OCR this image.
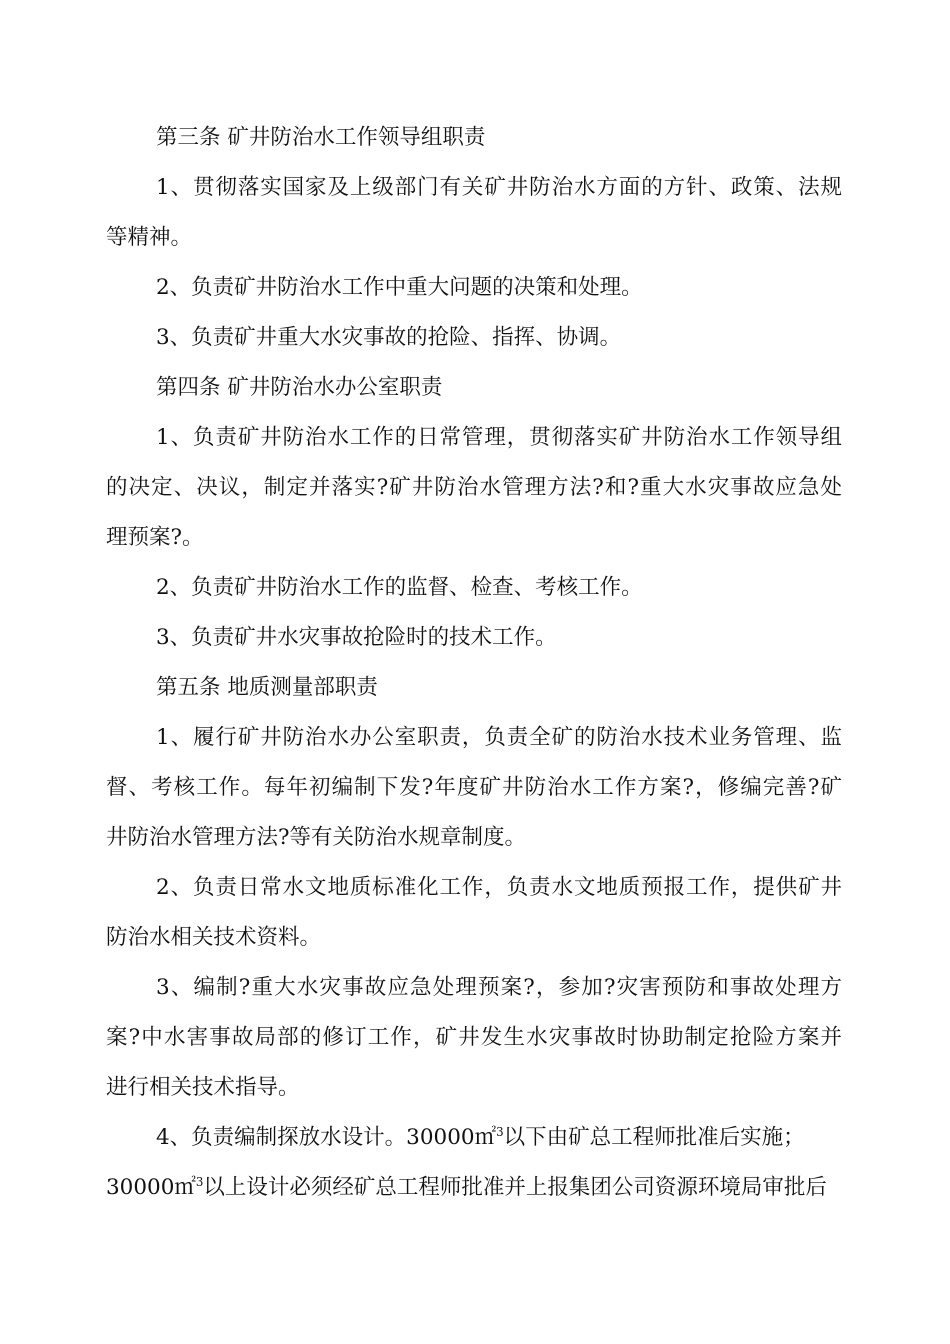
第三条 矿井防治水工作领导组职责
1、贯彻落实国家及上级部门有关矿井防治水方面的方针、政策、法规
等精神。
2、负责矿井防治水工作中重大问题的决策和处理。
3、负责矿井重大水灾事故的抢险、指挥、协调。
第四条 矿井防治水办公室职责
1、负责矿井防治水工作的日常管理，贯彻落实矿井防治水工作领导组
的决定、决议，制定并落实?矿井防治水管理方法?和?重大水灾事故应急处
理预案?。
2、负责矿井防治水工作的监督、检查、考核工作。
3、负责矿井水灾事故抢险时的技术工作。
第五条 地质测量部职责
1、履行矿井防治水办公室职责，负责全矿的防治水技术业务管理、监
督、考核工作。每年初编制下发?年度矿井防治水工作方案?，修编完善?矿
井防治水管理方法?等有关防治水规章制度。
2、负责日常水文地质标准化工作，负责水文地质预报工作，提供矿井
防治水相关技术资料。
3、编制?重大水灾事故应急处理预案?，参加?灾害预防和事故处理方
案?中水害事故局部的修订工作，矿井发生水灾事故时协助制定抢险方案并
进行相关技术指导。
4、负责编制探放水设计。30000㎡$^3$以下由矿总工程师批准后实施；
30000㎡$^3$以上设计必须经矿总工程师批准并上报集团公司资源环境局审批后
